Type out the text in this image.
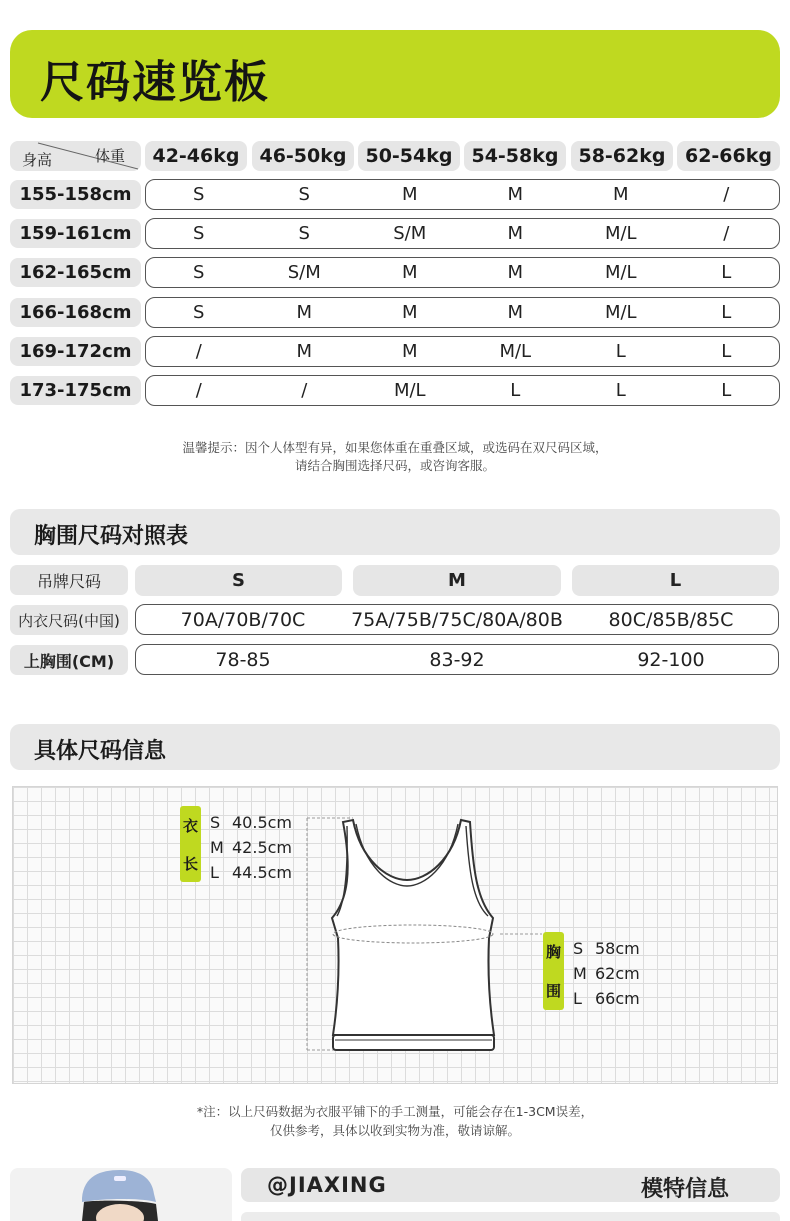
尺码速览板
身高	体重	42-46kg	46-50kg 50-54kg 54-58kg	58-62kg	62-66kg
155-158cm	S	S	M	M	M	/
159-161cm	S	S	S/M	M	M/L	/
162-165cm	S	S/M	M	M	M/L	L
166-168cm	S	M	M	M	M/L	L
169-172cm	/	M	M	M/L	L	L
173-175cm	/	/	M/L	L	L	L
温馨提示：因个人体型有异，如果您体重在重叠区域，或选码在双尺码区域，
请结合胸围选择尺码，或咨询客服。
胸围尺码对照表
吊牌尺码	S	M	L
内衣尺码(中国)	70A/70B/70C	75A/75B/75C/80A/80B	80C/85B/85C
上胸围(CM)	78-85	83-92	92-100
具体尺码信息
衣
长
S 40.5cm
M 42.5cm
L 44.5cm
胸
围
S 58cm
M 62cm
L 66cm
*注：以上尺码数据为衣服平铺下的手工测量，可能会存在1-3CM误差，
仅供参考，具体以收到实物为准，敬请谅解。
@JIAXING	模特信息
